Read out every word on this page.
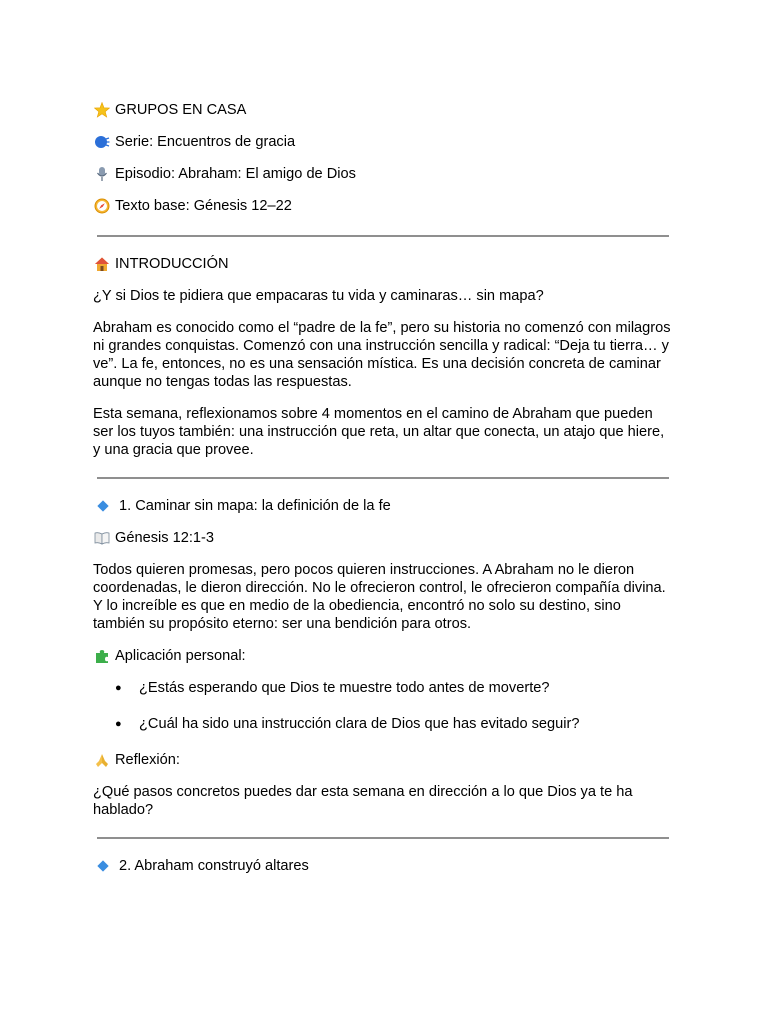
GRUPOS EN CASA
Serie: Encuentros de gracia
Episodio: Abraham: El amigo de Dios
Texto base: Génesis 12–22
INTRODUCCIÓN

¿Y si Dios te pidiera que empacaras tu vida y caminaras… sin mapa?

Abraham es conocido como el “padre de la fe”, pero su historia no comenzó con milagros ni grandes conquistas. Comenzó con una instrucción sencilla y radical: “Deja tu tierra… y ve”. La fe, entonces, no es una sensación mística. Es una decisión concreta de caminar aunque no tengas todas las respuestas.

Esta semana, reflexionamos sobre 4 momentos en el camino de Abraham que pueden ser los tuyos también: una instrucción que reta, un altar que conecta, un atajo que hiere, y una gracia que provee.

1. Caminar sin mapa: la definición de la fe
Génesis 12:1-3

Todos quieren promesas, pero pocos quieren instrucciones. A Abraham no le dieron coordenadas, le dieron dirección. No le ofrecieron control, le ofrecieron compañía divina. Y lo increíble es que en medio de la obediencia, encontró no solo su destino, sino también su propósito eterno: ser una bendición para otros.

Aplicación personal:
● ¿Estás esperando que Dios te muestre todo antes de moverte?
● ¿Cuál ha sido una instrucción clara de Dios que has evitado seguir?
Reflexión:

¿Qué pasos concretos puedes dar esta semana en dirección a lo que Dios ya te ha hablado?

2. Abraham construyó altares
